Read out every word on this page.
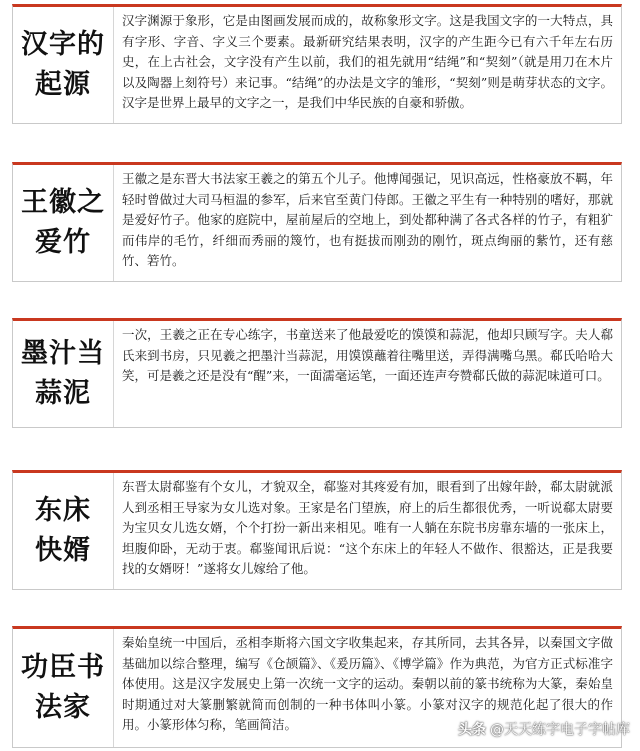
汉字的
起源
汉字渊源于象形，它是由图画发展而成的，故称象形文字。这是我国文字的一大特点，具有字形、字音、字义三个要素。最新研究结果表明，汉字的产生距今已有六千年左右历史，在上古社会，文字没有产生以前，我们的祖先就用“结绳”和“契刻”（就是用刀在木片以及陶器上刻符号）来记事。“结绳”的办法是文字的雏形，“契刻”则是萌芽状态的文字。汉字是世界上最早的文字之一，是我们中华民族的自豪和骄傲。
王徽之
爱竹
王徽之是东晋大书法家王羲之的第五个儿子。他博闻强记，见识高远，性格豪放不羁，年轻时曾做过大司马桓温的参军，后来官至黄门侍郎。王徽之平生有一种特别的嗜好，那就是爱好竹子。他家的庭院中，屋前屋后的空地上，到处都种满了各式各样的竹子，有粗犷而伟岸的毛竹，纤细而秀丽的篾竹，也有挺拔而刚劲的刚竹，斑点绚丽的紫竹，还有慈竹、箬竹。
墨汁当
蒜泥
一次，王羲之正在专心练字，书童送来了他最爱吃的馍馍和蒜泥，他却只顾写字。夫人郗氏来到书房，只见羲之把墨汁当蒜泥，用馍馍蘸着往嘴里送，弄得满嘴乌黑。郗氏哈哈大笑，可是羲之还是没有“醒”来，一面濡毫运笔，一面还连声夸赞郗氏做的蒜泥味道可口。
东床
快婿
东晋太尉郗鉴有个女儿，才貌双全，郗鉴对其疼爱有加，眼看到了出嫁年龄，郗太尉就派人到丞相王导家为女儿选对象。王家是名门望族，府上的后生都很优秀，一听说郗太尉要为宝贝女儿选女婿，个个打扮一新出来相见。唯有一人躺在东院书房靠东墙的一张床上，坦腹仰卧，无动于衷。郗鉴闻讯后说：“这个东床上的年轻人不做作、很豁达，正是我要找的女婿呀！”遂将女儿嫁给了他。
功臣书
法家
秦始皇统一中国后，丞相李斯将六国文字收集起来，存其所同，去其各异，以秦国文字做基础加以综合整理，编写《仓颉篇》、《爰历篇》、《博学篇》作为典范，为官方正式标准字体使用。这是汉字发展史上第一次统一文字的运动。秦朝以前的篆书统称为大篆，秦始皇时期通过对大篆删繁就简而创制的一种书体叫小篆。小篆对汉字的规范化起了很大的作用。小篆形体匀称，笔画简洁。	头条 @天天练字电子字帖库
